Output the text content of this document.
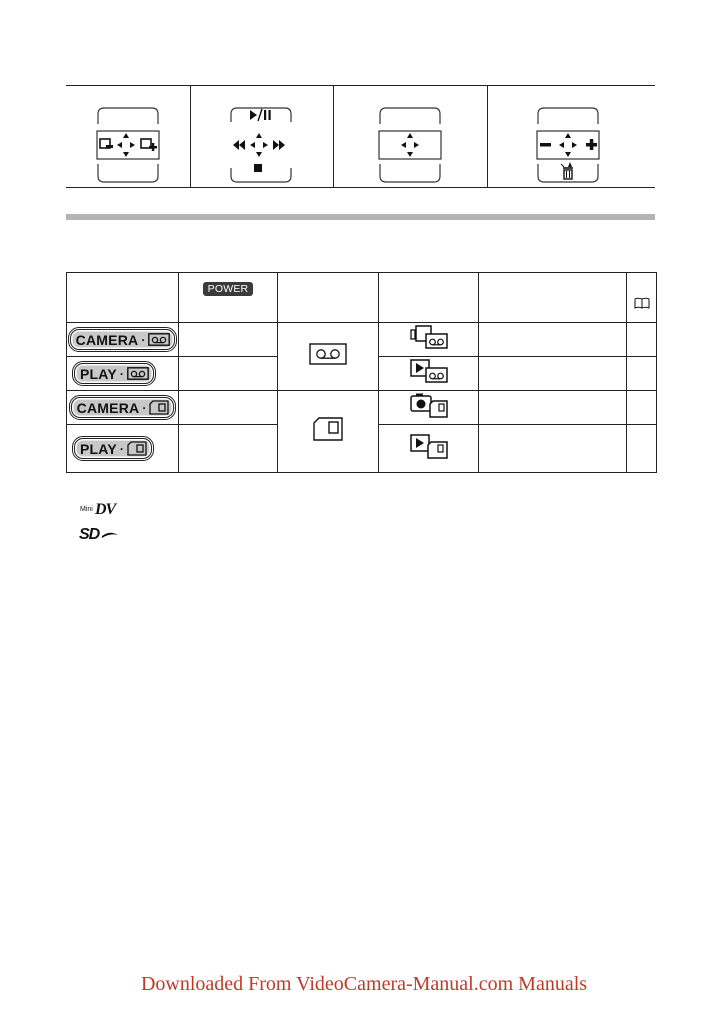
	POWER				

CAMERA ·

PLAY ·

CAMERA ·

PLAY ·

Mini DV
SD
Downloaded From VideoCamera-Manual.com Manuals
